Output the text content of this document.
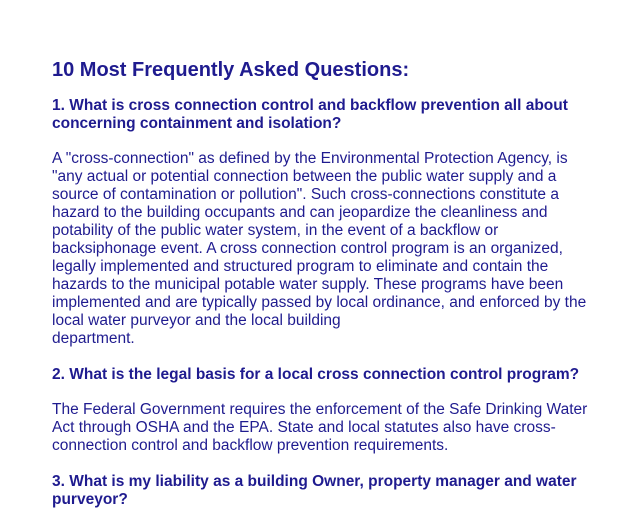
10 Most Frequently Asked Questions:
1. What is cross connection control and backflow prevention all about
concerning containment and isolation?
A "cross-connection" as defined by the Environmental Protection Agency, is
"any actual or potential connection between the public water supply and a
source of contamination or pollution". Such cross-connections constitute a
hazard to the building occupants and can jeopardize the cleanliness and
potability of the public water system, in the event of a backflow or
backsiphonage event. A cross connection control program is an organized,
legally implemented and structured program to eliminate and contain the
hazards to the municipal potable water supply. These programs have been
implemented and are typically passed by local ordinance, and enforced by the
local water purveyor and the local building
department.
2. What is the legal basis for a local cross connection control program?
The Federal Government requires the enforcement of the Safe Drinking Water
Act through OSHA and the EPA. State and local statutes also have cross-
connection control and backflow prevention requirements.
3. What is my liability as a building Owner, property manager and water
purveyor?
